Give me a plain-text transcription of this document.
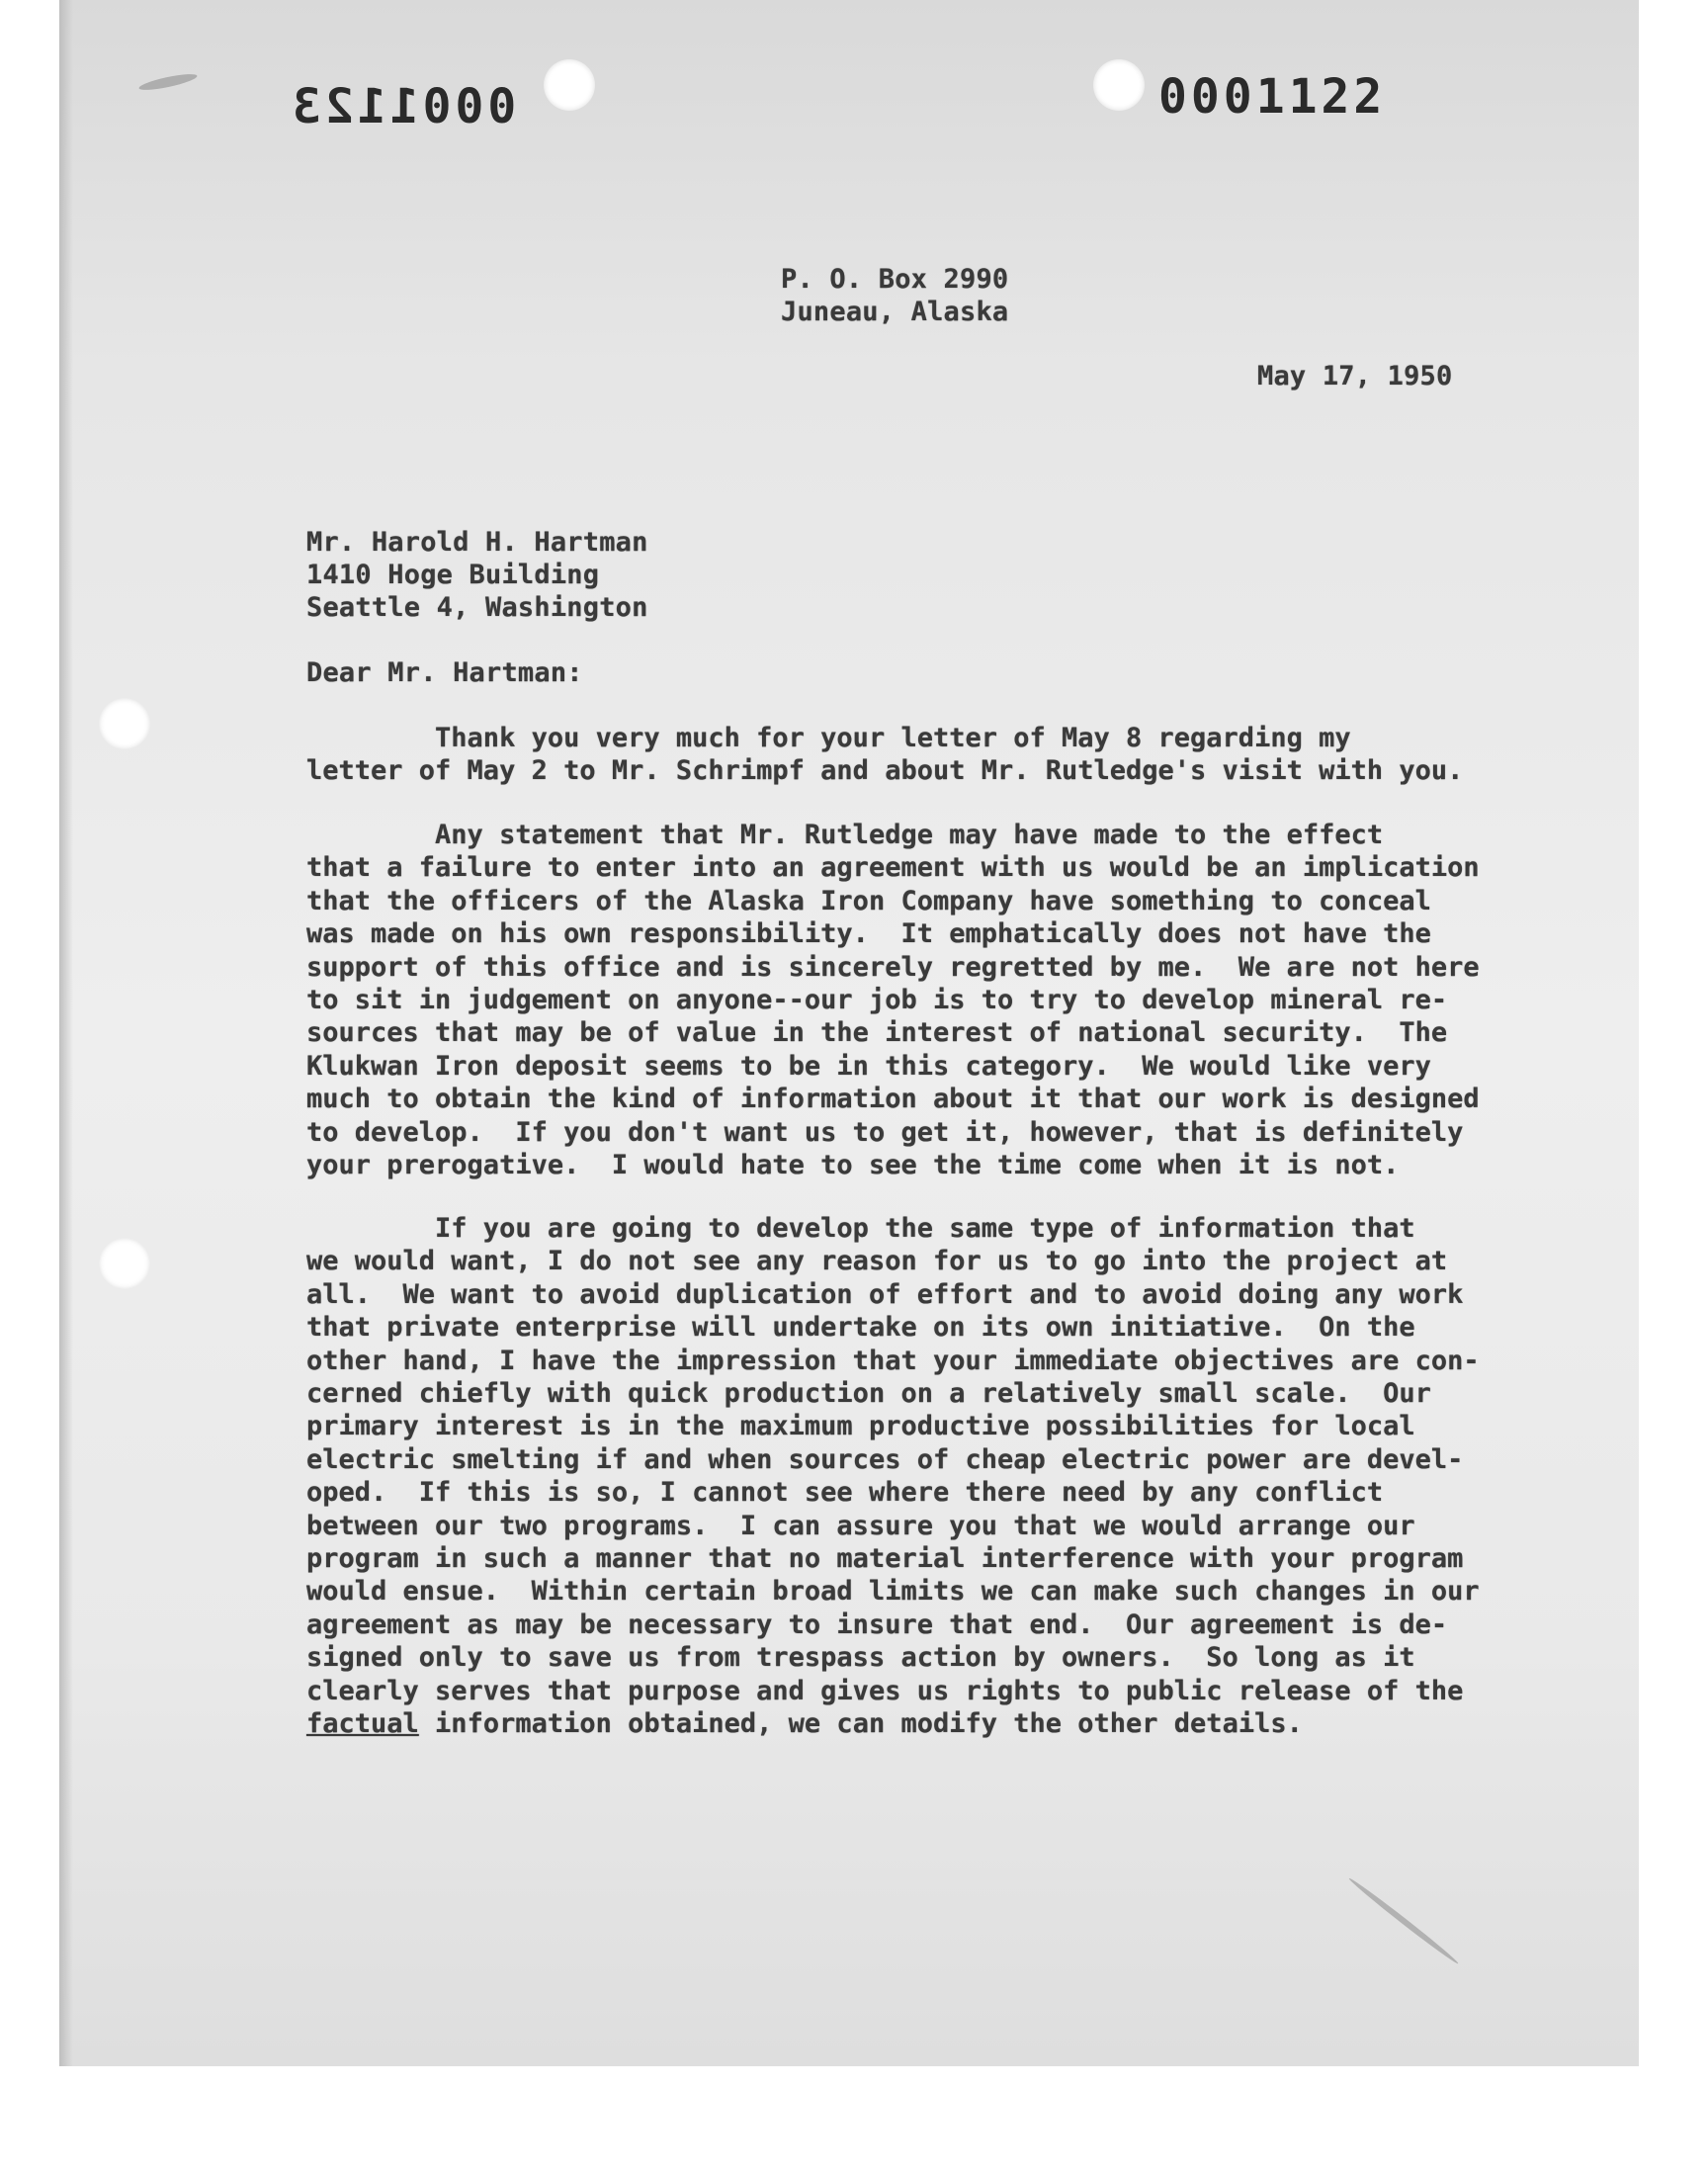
0001123	0001122
P. O. Box 2990
Juneau, Alaska
May 17, 1950
Mr. Harold H. Hartman
1410 Hoge Building
Seattle 4, Washington
Dear Mr. Hartman:
Thank you very much for your letter of May 8 regarding my
letter of May 2 to Mr. Schrimpf and about Mr. Rutledge's visit with you.
Any statement that Mr. Rutledge may have made to the effect
that a failure to enter into an agreement with us would be an implication
that the officers of the Alaska Iron Company have something to conceal
was made on his own responsibility.  It emphatically does not have the
support of this office and is sincerely regretted by me.  We are not here
to sit in judgement on anyone--our job is to try to develop mineral re-
sources that may be of value in the interest of national security.  The
Klukwan Iron deposit seems to be in this category.  We would like very
much to obtain the kind of information about it that our work is designed
to develop.  If you don't want us to get it, however, that is definitely
your prerogative.  I would hate to see the time come when it is not.
If you are going to develop the same type of information that
we would want, I do not see any reason for us to go into the project at
all.  We want to avoid duplication of effort and to avoid doing any work
that private enterprise will undertake on its own initiative.  On the
other hand, I have the impression that your immediate objectives are con-
cerned chiefly with quick production on a relatively small scale.  Our
primary interest is in the maximum productive possibilities for local
electric smelting if and when sources of cheap electric power are devel-
oped.  If this is so, I cannot see where there need by any conflict
between our two programs.  I can assure you that we would arrange our
program in such a manner that no material interference with your program
would ensue.  Within certain broad limits we can make such changes in our
agreement as may be necessary to insure that end.  Our agreement is de-
signed only to save us from trespass action by owners.  So long as it
clearly serves that purpose and gives us rights to public release of the
factual information obtained, we can modify the other details.
